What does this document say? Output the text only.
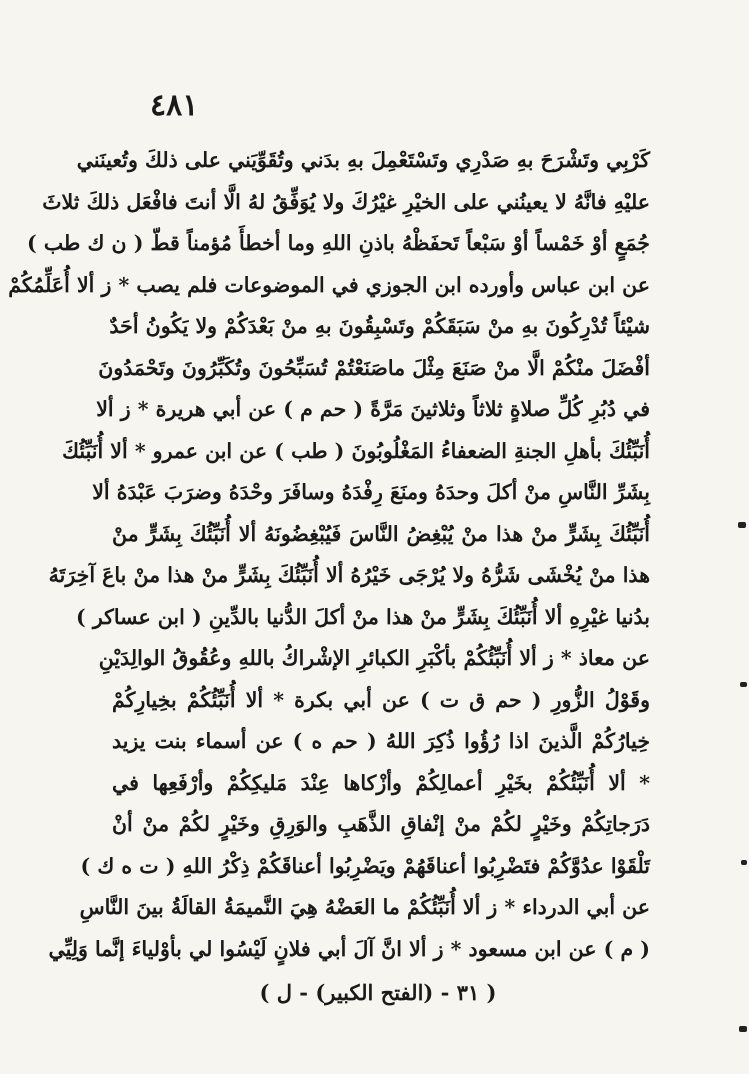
٤٨١
كَرْبِي وتَشْرَحَ بهِ صَدْرِي وتَسْتَعْمِلَ بهِ بدَني وتُقَوِّيَني على ذلكَ وتُعينَني
عليْهِ فانَّهُ لا يعينُني على الخيْرِ غيْرُكَ ولا يُوَفِّقُ لهُ الَّا أنتَ فافْعَل ذلكَ ثلاثَ
جُمَعٍ أوْ خَمْساً أوْ سَبْعاً تَحفَظْهُ باذنِ اللهِ وما أخطأَ مُؤمناً قطّ ( ن ك طب )
عن ابن عباس وأورده ابن الجوزي في الموضوعات فلم يصب * ز ألا أُعَلِّمُكُمْ
شيْئاً تُدْرِكُونَ بهِ منْ سَبَقَكُمْ وتَسْبِقُونَ بهِ منْ بَعْدَكُمْ ولا يَكُونُ أحَدٌ
أفْضَلَ منْكُمْ الَّا منْ صَنَعَ مِثْلَ ماصَنَعْتُمْ تُسَبِّحُونَ وتُكَبِّرُونَ وتَحْمَدُونَ
في دُبُرِ كُلِّ صلاةٍ ثلاثاً وثلاثينَ مَرَّةً ( حم م ) عن أبي هريرة * ز ألا
أُنَبِّئُكَ بأهلِ الجنةِ الضعفاءُ المَغْلُوبُونَ ( طب ) عن ابن عمرو * ألا أُنَبِّئُكَ
بِشَرِّ النَّاسِ منْ أكلَ وحدَهُ ومنَعَ رِفْدَهُ وسافَرَ وحْدَهُ وضرَبَ عَبْدَهُ ألا
أُنَبِّئُكَ بِشَرٍّ منْ هذا منْ يُبْغِضُ النَّاسَ فَيُبْغِضُونَهُ ألا أُنَبِّئُكَ بِشَرٍّ منْ
هذا منْ يُخْشَى شَرُّهُ ولا يُرْجَى خَيْرُهُ ألا أُنَبِّئُكَ بِشَرٍّ منْ هذا منْ باعَ آخِرَتَهُ
بدُنيا غيْرِهِ ألا أُنَبِّئُكَ بِشَرٍّ منْ هذا منْ أكلَ الدُّنيا بالدِّينِ ( ابن عساكر )
عن معاذ * ز ألا أُنَبِّئُكُمْ بأكْبَرِ الكبائرِ الإشْراكُ باللهِ وعُقُوقُ الوالِدَيْنِ
وقَوْلُ الزُّورِ ( حم ق ت ) عن أبي بكرة * ألا أُنَبِّئُكُمْ بخِيارِكُمْ
خِيارُكُمْ الَّذينَ اذا رُؤُوا ذُكِرَ اللهُ ( حم ه ) عن أسماء بنت يزيد
* ألا أُنَبِّئُكُمْ بخَيْرِ أعمالِكُمْ وأزْكاها عِنْدَ مَليكِكُمْ وأرْفَعِها في
دَرَجاتِكُمْ وخَيْرٍ لكُمْ منْ إنْفاقِ الذَّهَبِ والوَرِقِ وخَيْرٍ لكُمْ منْ أنْ
تَلْقَوْا عدُوَّكُمْ فتَضْرِبُوا أعناقَهُمْ ويَضْرِبُوا أعناقَكُمْ ذِكْرُ اللهِ ( ت ه ك )
عن أبي الدرداء * ز ألا أُنَبِّئُكُمْ ما العَضْهُ هِيَ النَّميمَةُ القالَةُ بينَ النَّاسِ
( م ) عن ابن مسعود * ز ألا انَّ آلَ أبي فلانٍ لَيْسُوا لي بأوْلياءَ إنَّما وَلِيِّي
( ٣١ - (الفتح الكبير) - ل )
